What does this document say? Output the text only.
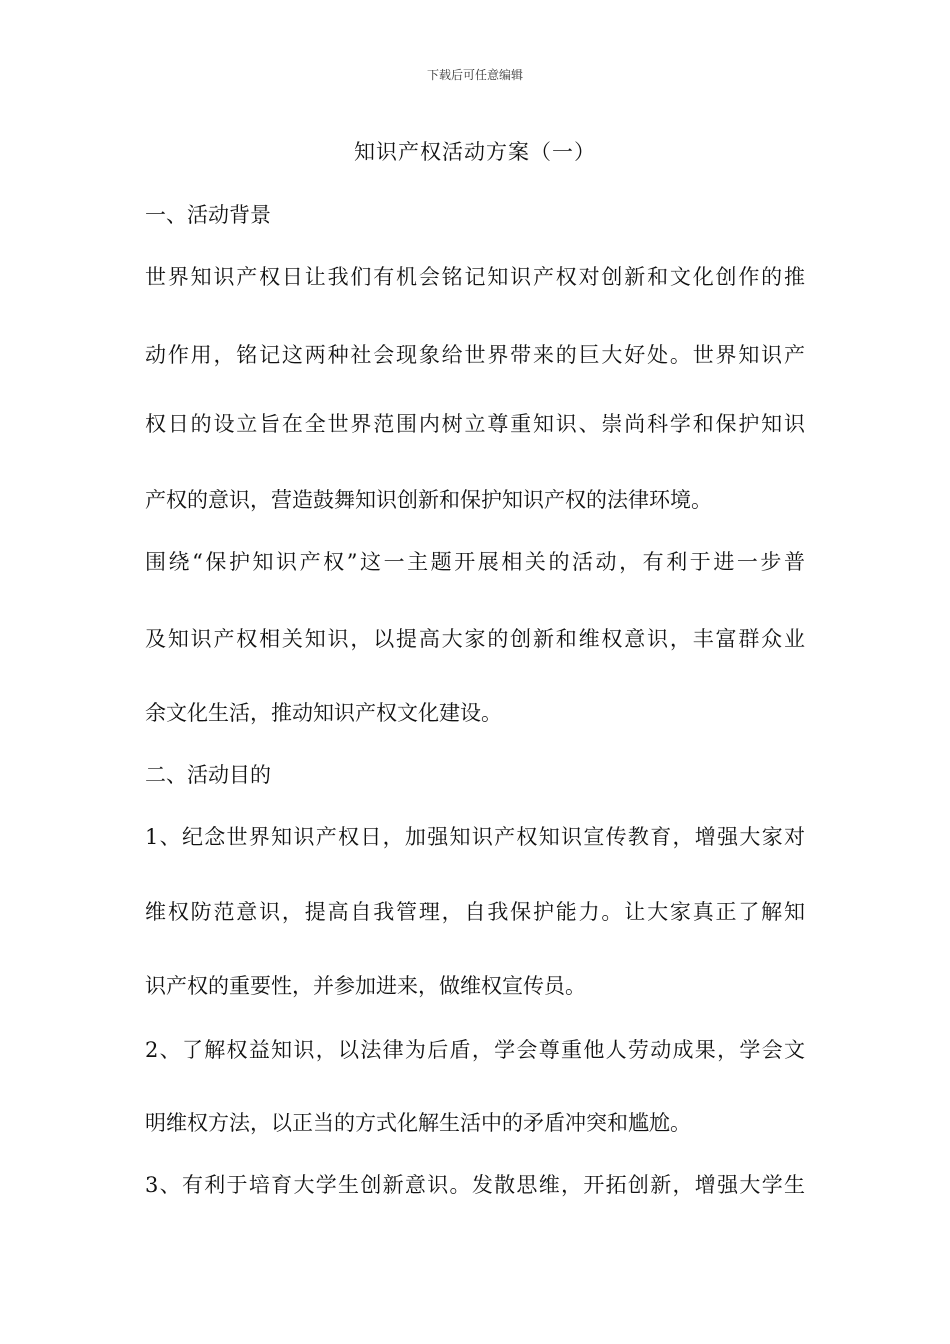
下载后可任意编辑
知识产权活动方案（一）
一、活动背景
世界知识产权日让我们有机会铭记知识产权对创新和文化创作的推
动作用，铭记这两种社会现象给世界带来的巨大好处。世界知识产
权日的设立旨在全世界范围内树立尊重知识、崇尚科学和保护知识
产权的意识，营造鼓舞知识创新和保护知识产权的法律环境。
围绕“保护知识产权”这一主题开展相关的活动，有利于进一步普
及知识产权相关知识，以提高大家的创新和维权意识，丰富群众业
余文化生活，推动知识产权文化建设。
二、活动目的
1、纪念世界知识产权日，加强知识产权知识宣传教育，增强大家对
维权防范意识，提高自我管理，自我保护能力。让大家真正了解知
识产权的重要性，并参加进来，做维权宣传员。
2、了解权益知识，以法律为后盾，学会尊重他人劳动成果，学会文
明维权方法，以正当的方式化解生活中的矛盾冲突和尴尬。
3、有利于培育大学生创新意识。发散思维，开拓创新，增强大学生
